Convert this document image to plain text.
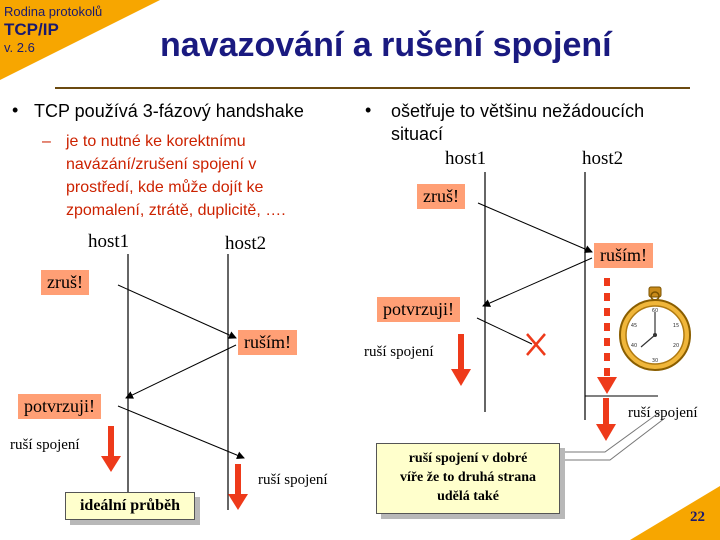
Rodina protokolů
TCP/IP
v. 2.6	navazování a rušení spojení
• TCP používá 3-fázový handshake
– je to nutné ke korektnímu
navázání/zrušení spojení v
prostředí, kde může dojít ke
zpomalení, ztrátě, duplicitě, ….
• ošetřuje to většinu nežádoucích
situací
60
15
20
30
40
45
host1	host2
zruš!
ruším!
potvrzuji!
ruší spojení
ruší spojení
ideální průběh
host1	host2
zruš!
ruším!
potvrzuji!
ruší spojení
ruší spojení
ruší spojení v dobré
víře že to druhá strana
udělá také
22
